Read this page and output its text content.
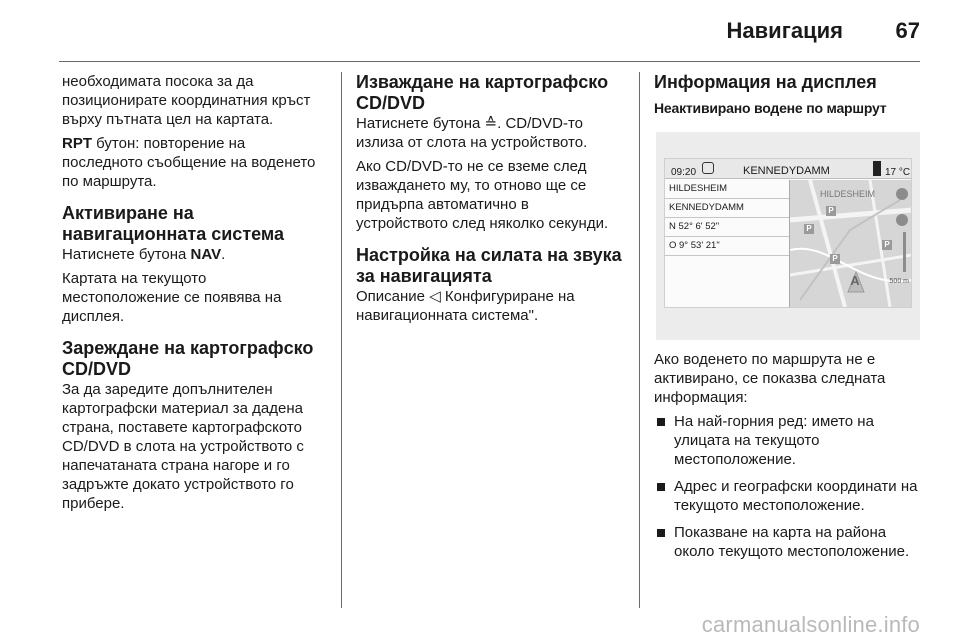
Навигация 67

необходимата посока за да позиционирате координатния кръст върху пътната цел на картата.

RPT бутон: повторение на последното съобщение на воденето по маршрута.

Активиране на навигационната система

Натиснете бутона NAV.

Картата на текущото местоположение се появява на дисплея.

Зареждане на картографско CD/DVD

За да заредите допълнителен картографски материал за дадена страна, поставете картографското CD/DVD в слота на устройството с напечатаната страна нагоре и го задръжте докато устройството го прибере.

Изваждане на картографско CD/DVD

Натиснете бутона ≙. CD/DVD-то излиза от слота на устройството.

Ако CD/DVD-то не се вземе след изваждането му, то отново ще се придърпа автоматично в устройството след няколко секунди.

Настройка на силата на звука за навигацията

Описание ◁ Конфигуриране на навигационната система".

Информация на дисплея
Неактивирано водене по маршрут
09:20	KENNEDYDAMM	17 °C
HILDESHEIM
KENNEDYDAMM
N 52° 6' 52"
O 9° 53' 21"
HILDESHEIM
P
P
P
P
A	500 m

Ако воденето по маршрута не е активирано, се показва следната информация:

На най-горния ред: името на улицата на текущото местоположение.
Адрес и географски координати на текущото местоположение.
Показване на карта на района около текущото местоположение.
carmanualsonline.info
